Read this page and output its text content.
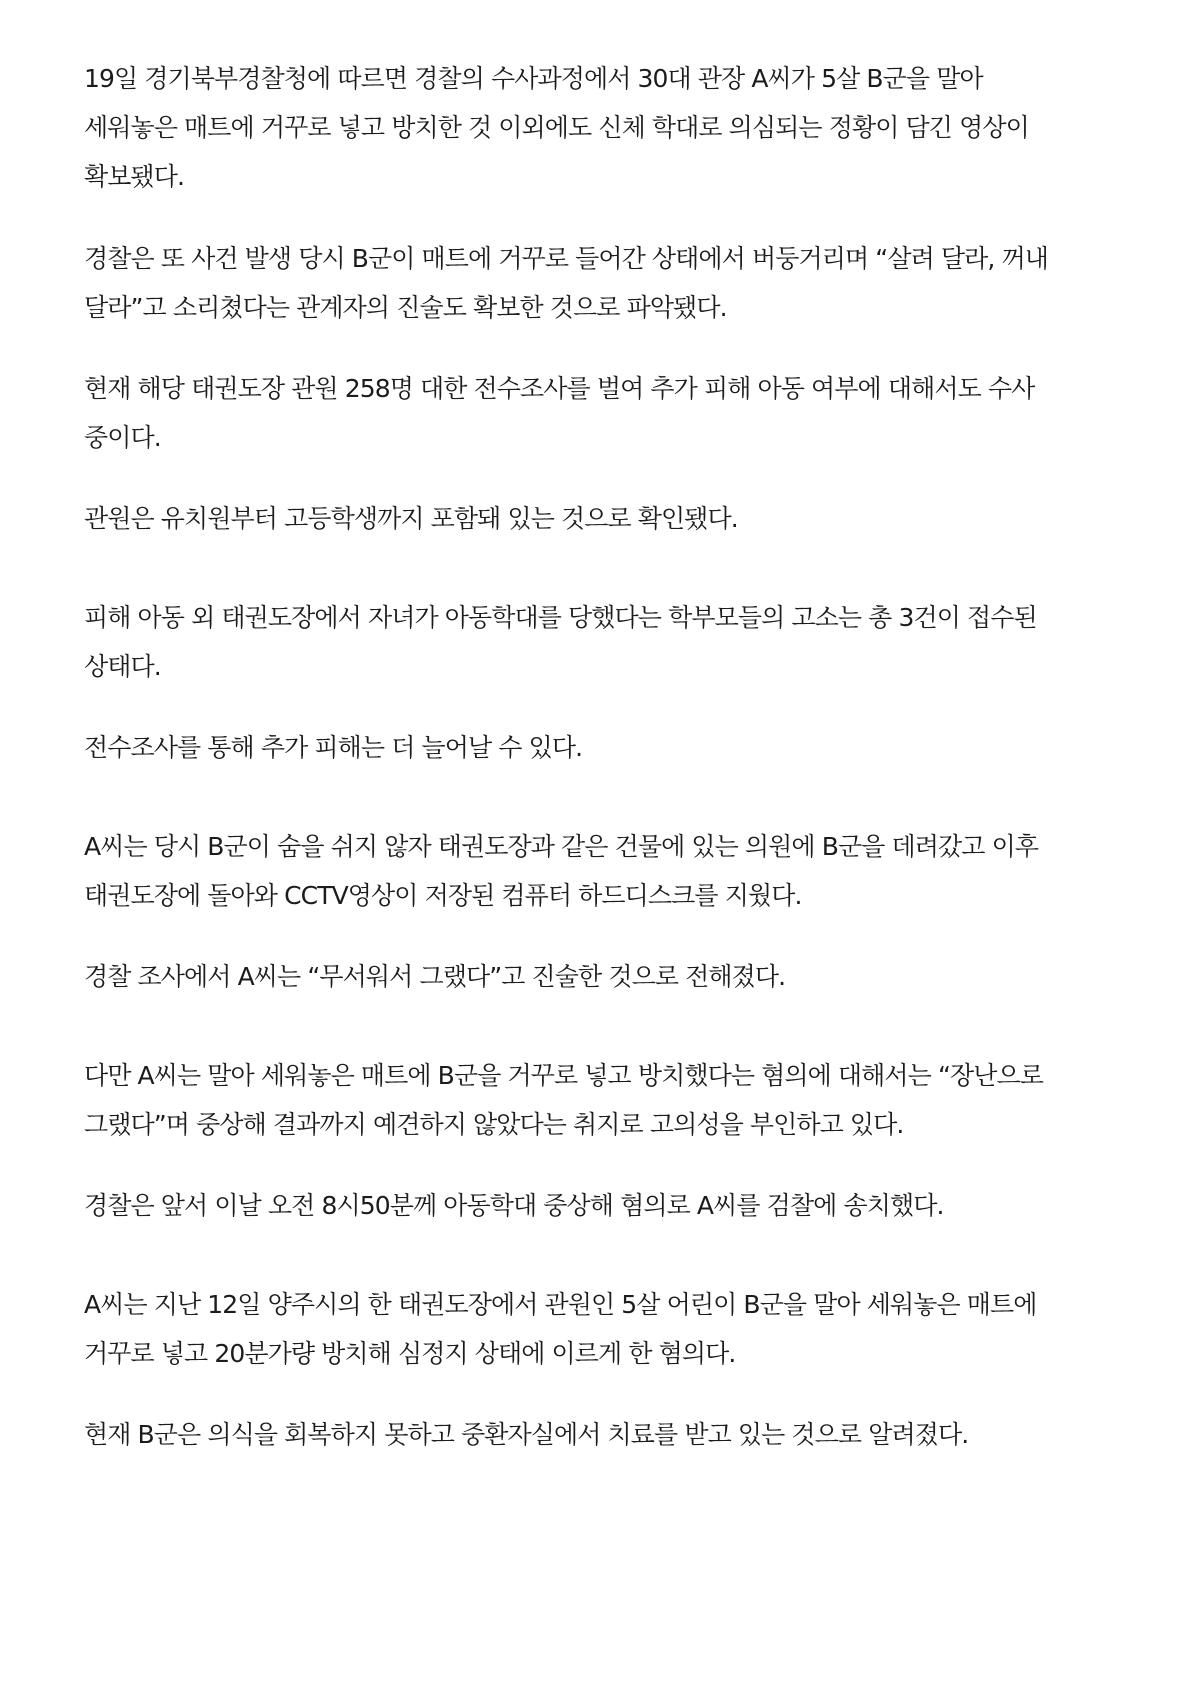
19일 경기북부경찰청에 따르면 경찰의 수사과정에서 30대 관장 A씨가 5살 B군을 말아
세워놓은 매트에 거꾸로 넣고 방치한 것 이외에도 신체 학대로 의심되는 정황이 담긴 영상이
확보됐다.

경찰은 또 사건 발생 당시 B군이 매트에 거꾸로 들어간 상태에서 버둥거리며 “살려 달라, 꺼내
달라”고 소리쳤다는 관계자의 진술도 확보한 것으로 파악됐다.

현재 해당 태권도장 관원 258명 대한 전수조사를 벌여 추가 피해 아동 여부에 대해서도 수사
중이다.

관원은 유치원부터 고등학생까지 포함돼 있는 것으로 확인됐다.

피해 아동 외 태권도장에서 자녀가 아동학대를 당했다는 학부모들의 고소는 총 3건이 접수된
상태다.

전수조사를 통해 추가 피해는 더 늘어날 수 있다.

A씨는 당시 B군이 숨을 쉬지 않자 태권도장과 같은 건물에 있는 의원에 B군을 데려갔고 이후
태권도장에 돌아와 CCTV영상이 저장된 컴퓨터 하드디스크를 지웠다.

경찰 조사에서 A씨는 “무서워서 그랬다”고 진술한 것으로 전해졌다.

다만 A씨는 말아 세워놓은 매트에 B군을 거꾸로 넣고 방치했다는 혐의에 대해서는 “장난으로
그랬다”며 중상해 결과까지 예견하지 않았다는 취지로 고의성을 부인하고 있다.

경찰은 앞서 이날 오전 8시50분께 아동학대 중상해 혐의로 A씨를 검찰에 송치했다.

A씨는 지난 12일 양주시의 한 태권도장에서 관원인 5살 어린이 B군을 말아 세워놓은 매트에
거꾸로 넣고 20분가량 방치해 심정지 상태에 이르게 한 혐의다.

현재 B군은 의식을 회복하지 못하고 중환자실에서 치료를 받고 있는 것으로 알려졌다.
